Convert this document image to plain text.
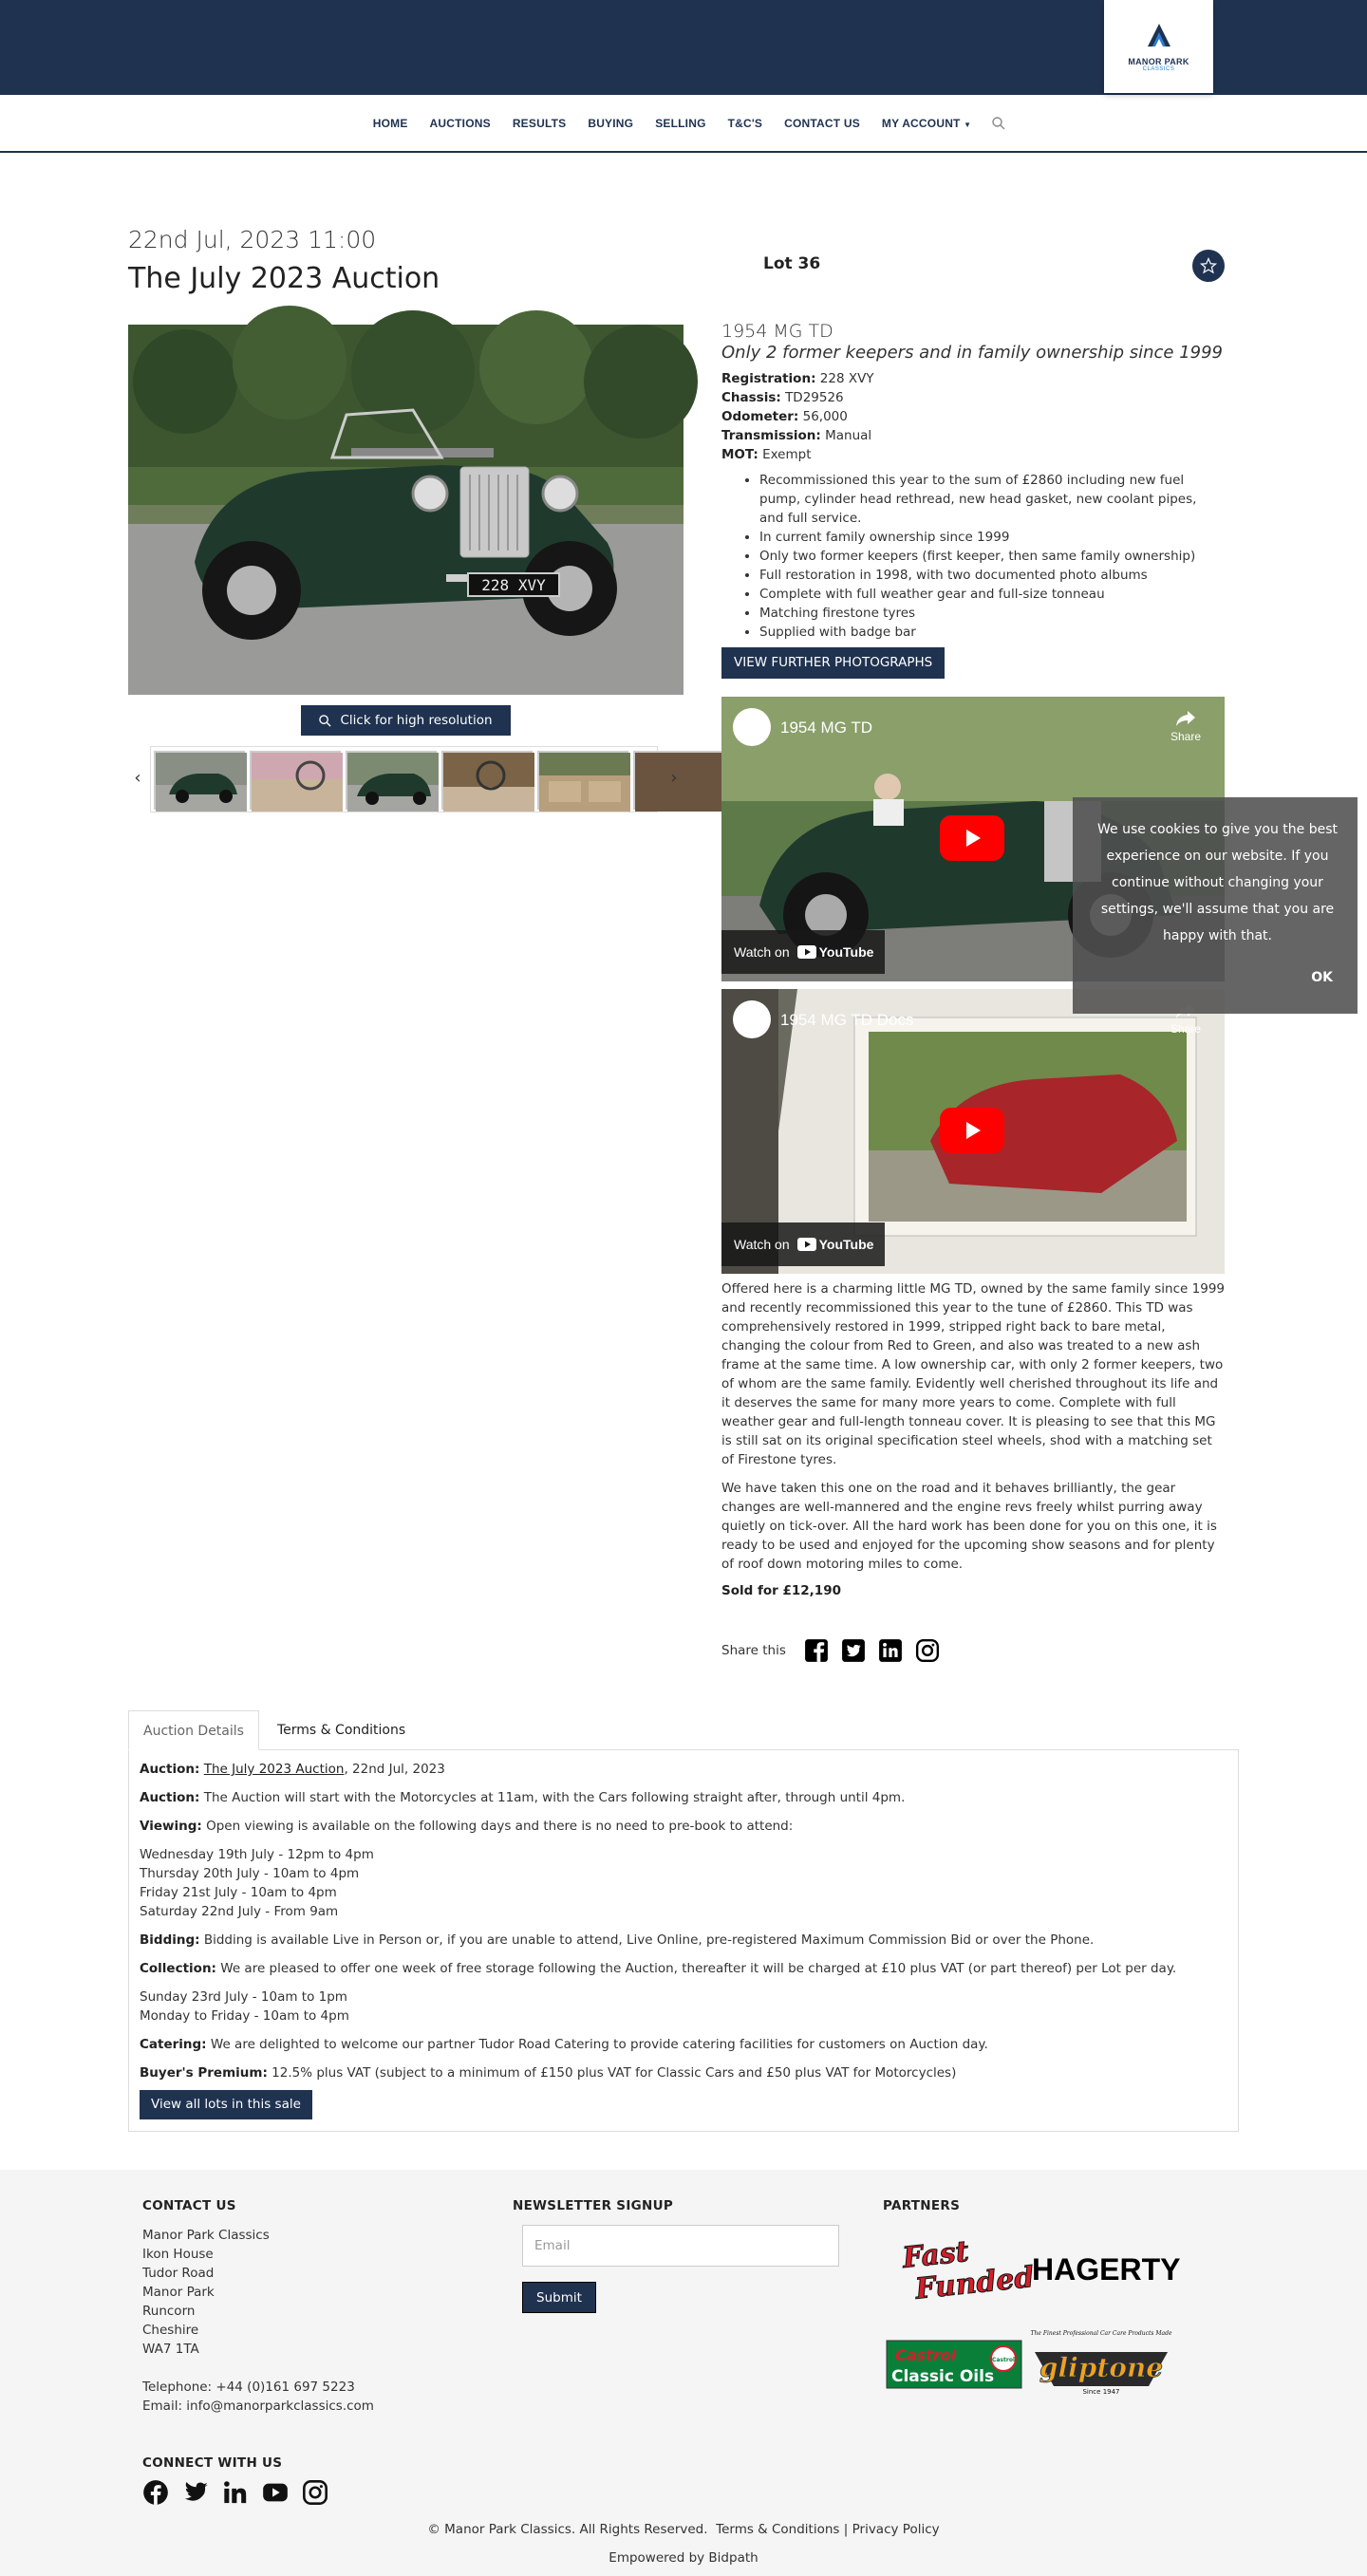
MANOR PARK
CLASSICS
HOME	AUCTIONS	RESULTS	BUYING	SELLING	T&C'S	CONTACT US	MY ACCOUNT ▼
22nd Jul, 2023 11:00
The July 2023 Auction	Lot 36
228 XVY
Click for high resolution
‹	›
1954 MG TD
Only 2 former keepers and in family ownership since 1999
Registration: 228 XVY
Chassis: TD29526
Odometer: 56,000
Transmission: Manual
MOT: Exempt
• Recommissioned this year to the sum of £2860 including new fuel pump, cylinder head rethread, new head gasket, new coolant pipes, and full service.
• In current family ownership since 1999
• Only two former keepers (first keeper, then same family ownership)
• Full restoration in 1998, with two documented photo albums
• Complete with full weather gear and full-size tonneau
• Matching firestone tyres
• Supplied with badge bar
VIEW FURTHER PHOTOGRAPHS
1954 MG TD	Share
Watch on YouTube
1954 MG TD Docs	Share
Watch on YouTube

Offered here is a charming little MG TD, owned by the same family since 1999 and recently recommissioned this year to the tune of £2860. This TD was comprehensively restored in 1999, stripped right back to bare metal, changing the colour from Red to Green, and also was treated to a new ash frame at the same time. A low ownership car, with only 2 former keepers, two of whom are the same family. Evidently well cherished throughout its life and it deserves the same for many more years to come. Complete with full weather gear and full-length tonneau cover. It is pleasing to see that this MG is still sat on its original specification steel wheels, shod with a matching set of Firestone tyres.

We have taken this one on the road and it behaves brilliantly, the gear changes are well-mannered and the engine revs freely whilst purring away quietly on tick-over. All the hard work has been done for you on this one, it is ready to be used and enjoyed for the upcoming show seasons and for plenty of roof down motoring miles to come.

Sold for £12,190
Share this
We use cookies to give you the best experience on our website. If you continue without changing your settings, we'll assume that you are happy with that.
OK
Auction Details	Terms & Conditions

Auction: The July 2023 Auction, 22nd Jul, 2023

Auction: The Auction will start with the Motorcycles at 11am, with the Cars following straight after, through until 4pm.

Viewing: Open viewing is available on the following days and there is no need to pre-book to attend:

Wednesday 19th July - 12pm to 4pm
Thursday 20th July - 10am to 4pm
Friday 21st July - 10am to 4pm
Saturday 22nd July - From 9am

Bidding: Bidding is available Live in Person or, if you are unable to attend, Live Online, pre-registered Maximum Commission Bid or over the Phone.

Collection: We are pleased to offer one week of free storage following the Auction, thereafter it will be charged at £10 plus VAT (or part thereof) per Lot per day.

Sunday 23rd July - 10am to 1pm
Monday to Friday - 10am to 4pm

Catering: We are delighted to welcome our partner Tudor Road Catering to provide catering facilities for customers on Auction day.

Buyer's Premium: 12.5% plus VAT (subject to a minimum of £150 plus VAT for Classic Cars and £50 plus VAT for Motorcycles)

View all lots in this sale
CONTACT US
Manor Park Classics
Ikon House
Tudor Road
Manor Park
Runcorn
Cheshire
WA7 1TA
Telephone: +44 (0)161 697 5223
Email: info@manorparkclassics.com
NEWSLETTER SIGNUP
Email
Submit
PARTNERS
Fast
Funded
HAGERTY
Castrol
Classic Oils
Castrol
The Finest Professional Car Care Products Made
gliptone
Since 1947
CONNECT WITH US
© Manor Park Classics. All Rights Reserved. Terms & Conditions | Privacy Policy
Empowered by Bidpath
